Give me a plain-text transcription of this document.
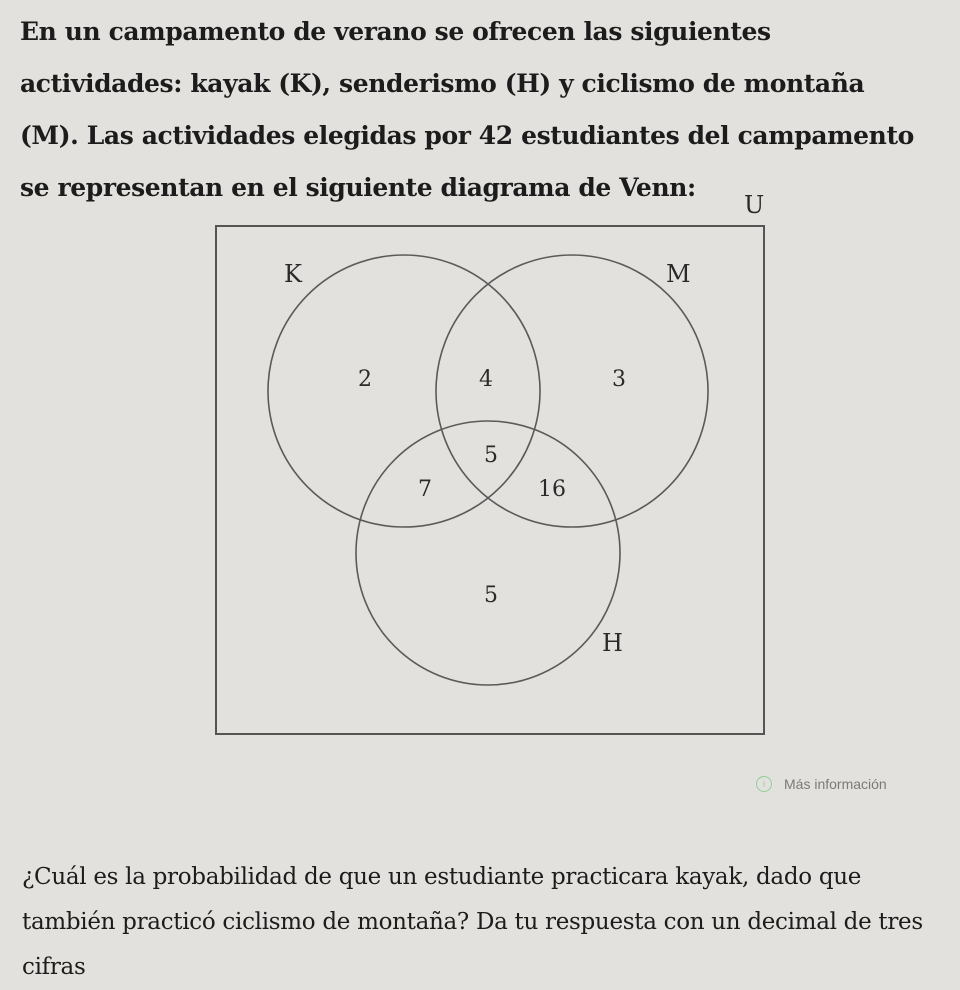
En un campamento de verano se ofrecen las siguientes actividades: kayak (K), senderismo (H) y ciclismo de montaña (M). Las actividades elegidas por 42 estudiantes del campamento se representan en el siguiente diagrama de Venn:

U
K	M
H
2	4	3
5
7	16
5
i	Más información

¿Cuál es la probabilidad de que un estudiante practicara kayak, dado que también practicó ciclismo de montaña? Da tu respuesta con un decimal de tres cifras
